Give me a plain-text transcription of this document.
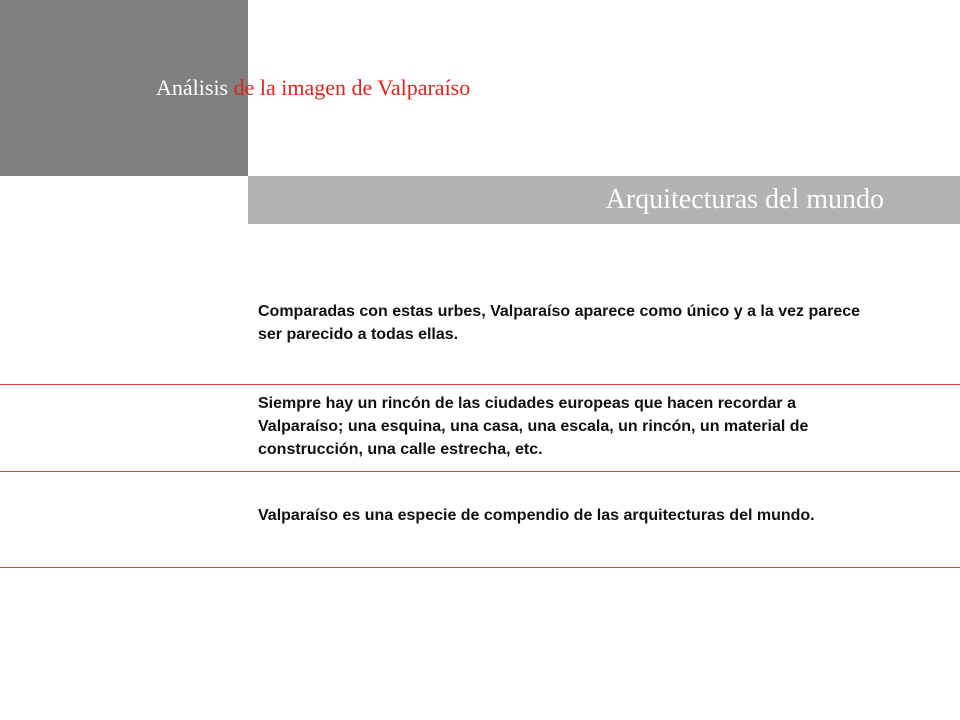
Análisis de la imagen de Valparaíso
Arquitecturas del mundo
Comparadas con estas urbes, Valparaíso aparece como único y a la vez parece ser parecido a todas ellas.
Siempre hay un rincón de las ciudades europeas que hacen recordar a Valparaíso; una esquina, una casa, una escala, un rincón, un material de construcción, una calle estrecha, etc.
Valparaíso es una especie de compendio de las arquitecturas del mundo.
